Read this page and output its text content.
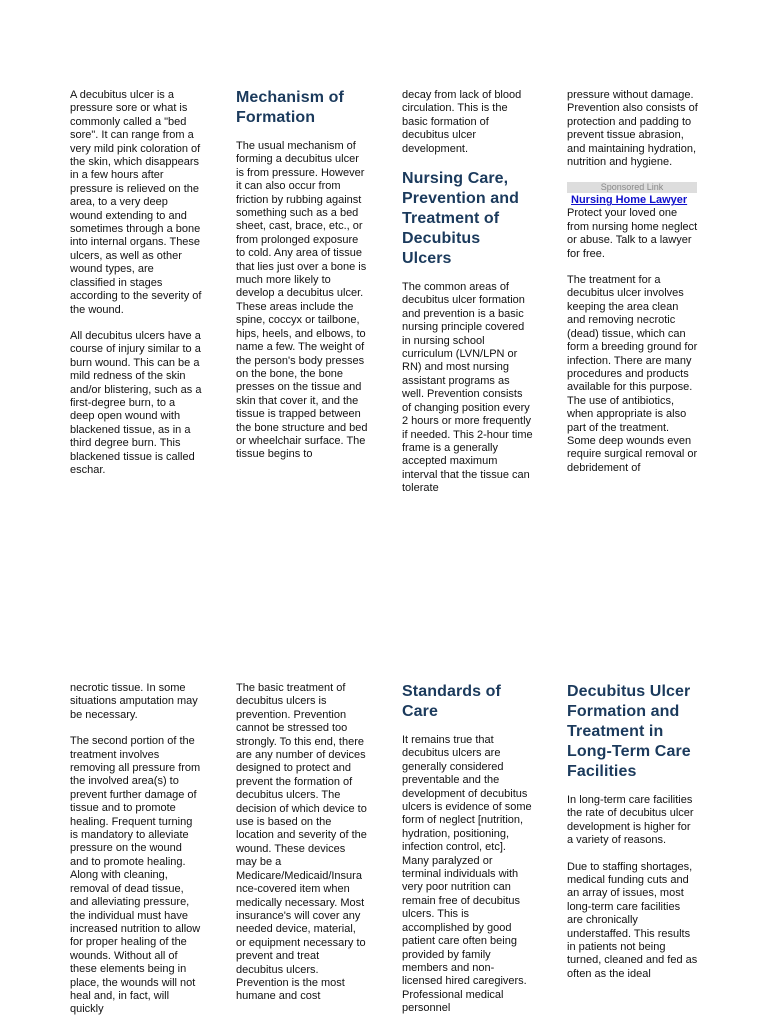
A decubitus ulcer is a pressure sore or what is commonly called a "bed sore". It can range from a very mild pink coloration of the skin, which disappears in a few hours after pressure is relieved on the area, to a very deep wound extending to and sometimes through a bone into internal organs. These ulcers, as well as other wound types, are classified in stages according to the severity of the wound.

All decubitus ulcers have a course of injury similar to a burn wound. This can be a mild redness of the skin and/or blistering, such as a first-degree burn, to a deep open wound with blackened tissue, as in a third degree burn. This blackened tissue is called eschar.

Mechanism of Formation

The usual mechanism of forming a decubitus ulcer is from pressure. However it can also occur from friction by rubbing against something such as a bed sheet, cast, brace, etc., or from prolonged exposure to cold. Any area of tissue that lies just over a bone is much more likely to develop a decubitus ulcer. These areas include the spine, coccyx or tailbone, hips, heels, and elbows, to name a few. The weight of the person's body presses on the bone, the bone presses on the tissue and skin that cover it, and the tissue is trapped between the bone structure and bed or wheelchair surface. The tissue begins to

decay from lack of blood circulation. This is the basic formation of decubitus ulcer development.

Nursing Care, Prevention and Treatment of Decubitus Ulcers

The common areas of decubitus ulcer formation and prevention is a basic nursing principle covered in nursing school curriculum (LVN/LPN or RN) and most nursing assistant programs as well. Prevention consists of changing position every 2 hours or more frequently if needed. This 2-hour time frame is a generally accepted maximum interval that the tissue can tolerate

pressure without damage. Prevention also consists of protection and padding to prevent tissue abrasion, and maintaining hydration, nutrition and hygiene.

Sponsored Link
Nursing Home Lawyer

Protect your loved one from nursing home neglect or abuse. Talk to a lawyer for free.

The treatment for a decubitus ulcer involves keeping the area clean and removing necrotic (dead) tissue, which can form a breeding ground for infection. There are many procedures and products available for this purpose. The use of antibiotics, when appropriate is also part of the treatment. Some deep wounds even require surgical removal or debridement of

necrotic tissue. In some situations amputation may be necessary.

The second portion of the treatment involves removing all pressure from the involved area(s) to prevent further damage of tissue and to promote healing. Frequent turning is mandatory to alleviate pressure on the wound and to promote healing. Along with cleaning, removal of dead tissue, and alleviating pressure, the individual must have increased nutrition to allow for proper healing of the wounds. Without all of these elements being in place, the wounds will not heal and, in fact, will quickly

The basic treatment of decubitus ulcers is prevention. Prevention cannot be stressed too strongly. To this end, there are any number of devices designed to protect and prevent the formation of decubitus ulcers. The decision of which device to use is based on the location and severity of the wound. These devices may be a Medicare/Medicaid/Insurance-covered item when medically necessary. Most insurance's will cover any needed device, material, or equipment necessary to prevent and treat decubitus ulcers. Prevention is the most humane and cost

Standards of Care

It remains true that decubitus ulcers are generally considered preventable and the development of decubitus ulcers is evidence of some form of neglect [nutrition, hydration, positioning, infection control, etc]. Many paralyzed or terminal individuals with very poor nutrition can remain free of decubitus ulcers. This is accomplished by good patient care often being provided by family members and non-licensed hired caregivers. Professional medical personnel

Decubitus Ulcer Formation and Treatment in Long-Term Care Facilities

In long-term care facilities the rate of decubitus ulcer development is higher for a variety of reasons.

Due to staffing shortages, medical funding cuts and an array of issues, most long-term care facilities are chronically understaffed. This results in patients not being turned, cleaned and fed as often as the ideal
